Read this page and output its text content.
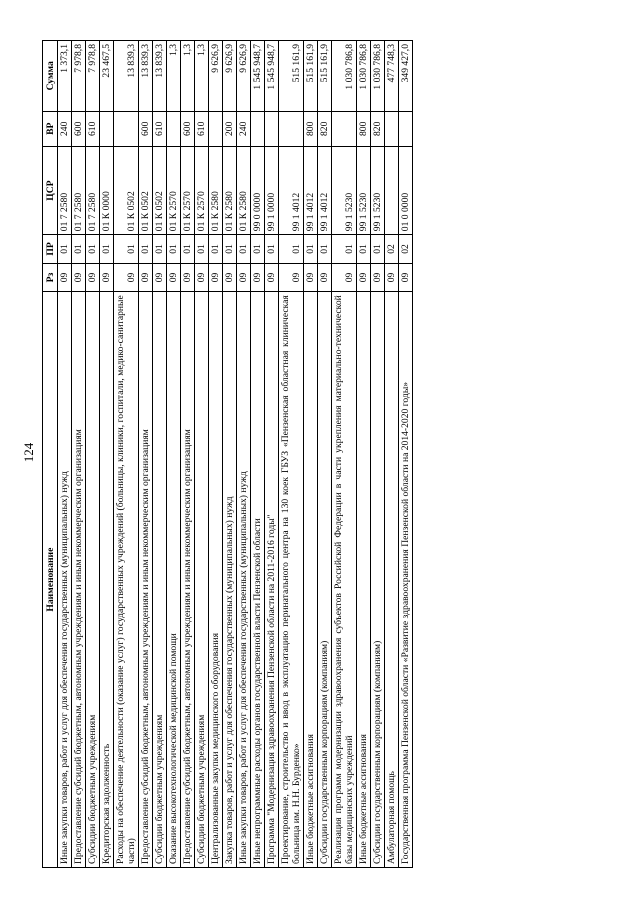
124
Наименование	Рз	ПР	ЦСР	ВР	Сумма
Иные закупки товаров, работ и услуг для обеспечения государственных (муниципальных) нужд	09	01	01 7 2580	240	1 373,1
Предоставление субсидий бюджетным, автономным учреждениям и иным некоммерческим организациям	09	01	01 7 2580	600	7 978,8
Субсидии бюджетным учреждениям	09	01	01 7 2580	610	7 978,8
Кредиторская задолженность	09	01	01 К 0000		23 467,5
Расходы на обеспечение деятельности (оказание услуг) государственных учреждений (больницы, клиники, госпитали, медико-санитарные части)	09	01	01 К 0502		13 839,3
Предоставление субсидий бюджетным, автономным учреждениям и иным некоммерческим организациям	09	01	01 К 0502	600	13 839,3
Субсидии бюджетным учреждениям	09	01	01 К 0502	610	13 839,3
Оказание высокотехнологической медицинской помощи	09	01	01 К 2570		1,3
Предоставление субсидий бюджетным, автономным учреждениям и иным некоммерческим организациям	09	01	01 К 2570	600	1,3
Субсидии бюджетным учреждениям	09	01	01 К 2570	610	1,3
Централизованные закупки медицинского оборудования	09	01	01 К 2580		9 626,9
Закупка товаров, работ и услуг для обеспечения государственных (муниципальных) нужд	09	01	01 К 2580	200	9 626,9
Иные закупки товаров, работ и услуг для обеспечения государственных (муниципальных) нужд	09	01	01 К 2580	240	9 626,9
Иные непрограммные расходы органов государственной власти Пензенской области	09	01	99 0 0000		1 545 948,7
Программа "Модернизация здравоохранения Пензенской области на 2011-2016 годы"	09	01	99 1 0000		1 545 948,7
Проектирование, строительство и ввод в эксплуатацию перинатального центра на 130 коек ГБУЗ «Пензенская областная клиническая больница им. Н.Н. Бурденко»	09	01	99 1 4012		515 161,9
Иные бюджетные ассигнования	09	01	99 1 4012	800	515 161,9
Субсидии государственным корпорациям (компаниям)	09	01	99 1 4012	820	515 161,9
Реализация программ модернизации здравоохранения субъектов Российской Федерации в части укрепления материально-технической базы медицинских учреждений	09	01	99 1 5230		1 030 786,8
Иные бюджетные ассигнования	09	01	99 1 5230	800	1 030 786,8
Субсидии государственным корпорациям (компаниям)	09	01	99 1 5230	820	1 030 786,8
Амбулаторная помощь	09	02			477 748,3
Государственная программа Пензенской области «Развитие здравоохранения Пензенской области на 2014-2020 годы»	09	02	01 0 0000		349 427,0
